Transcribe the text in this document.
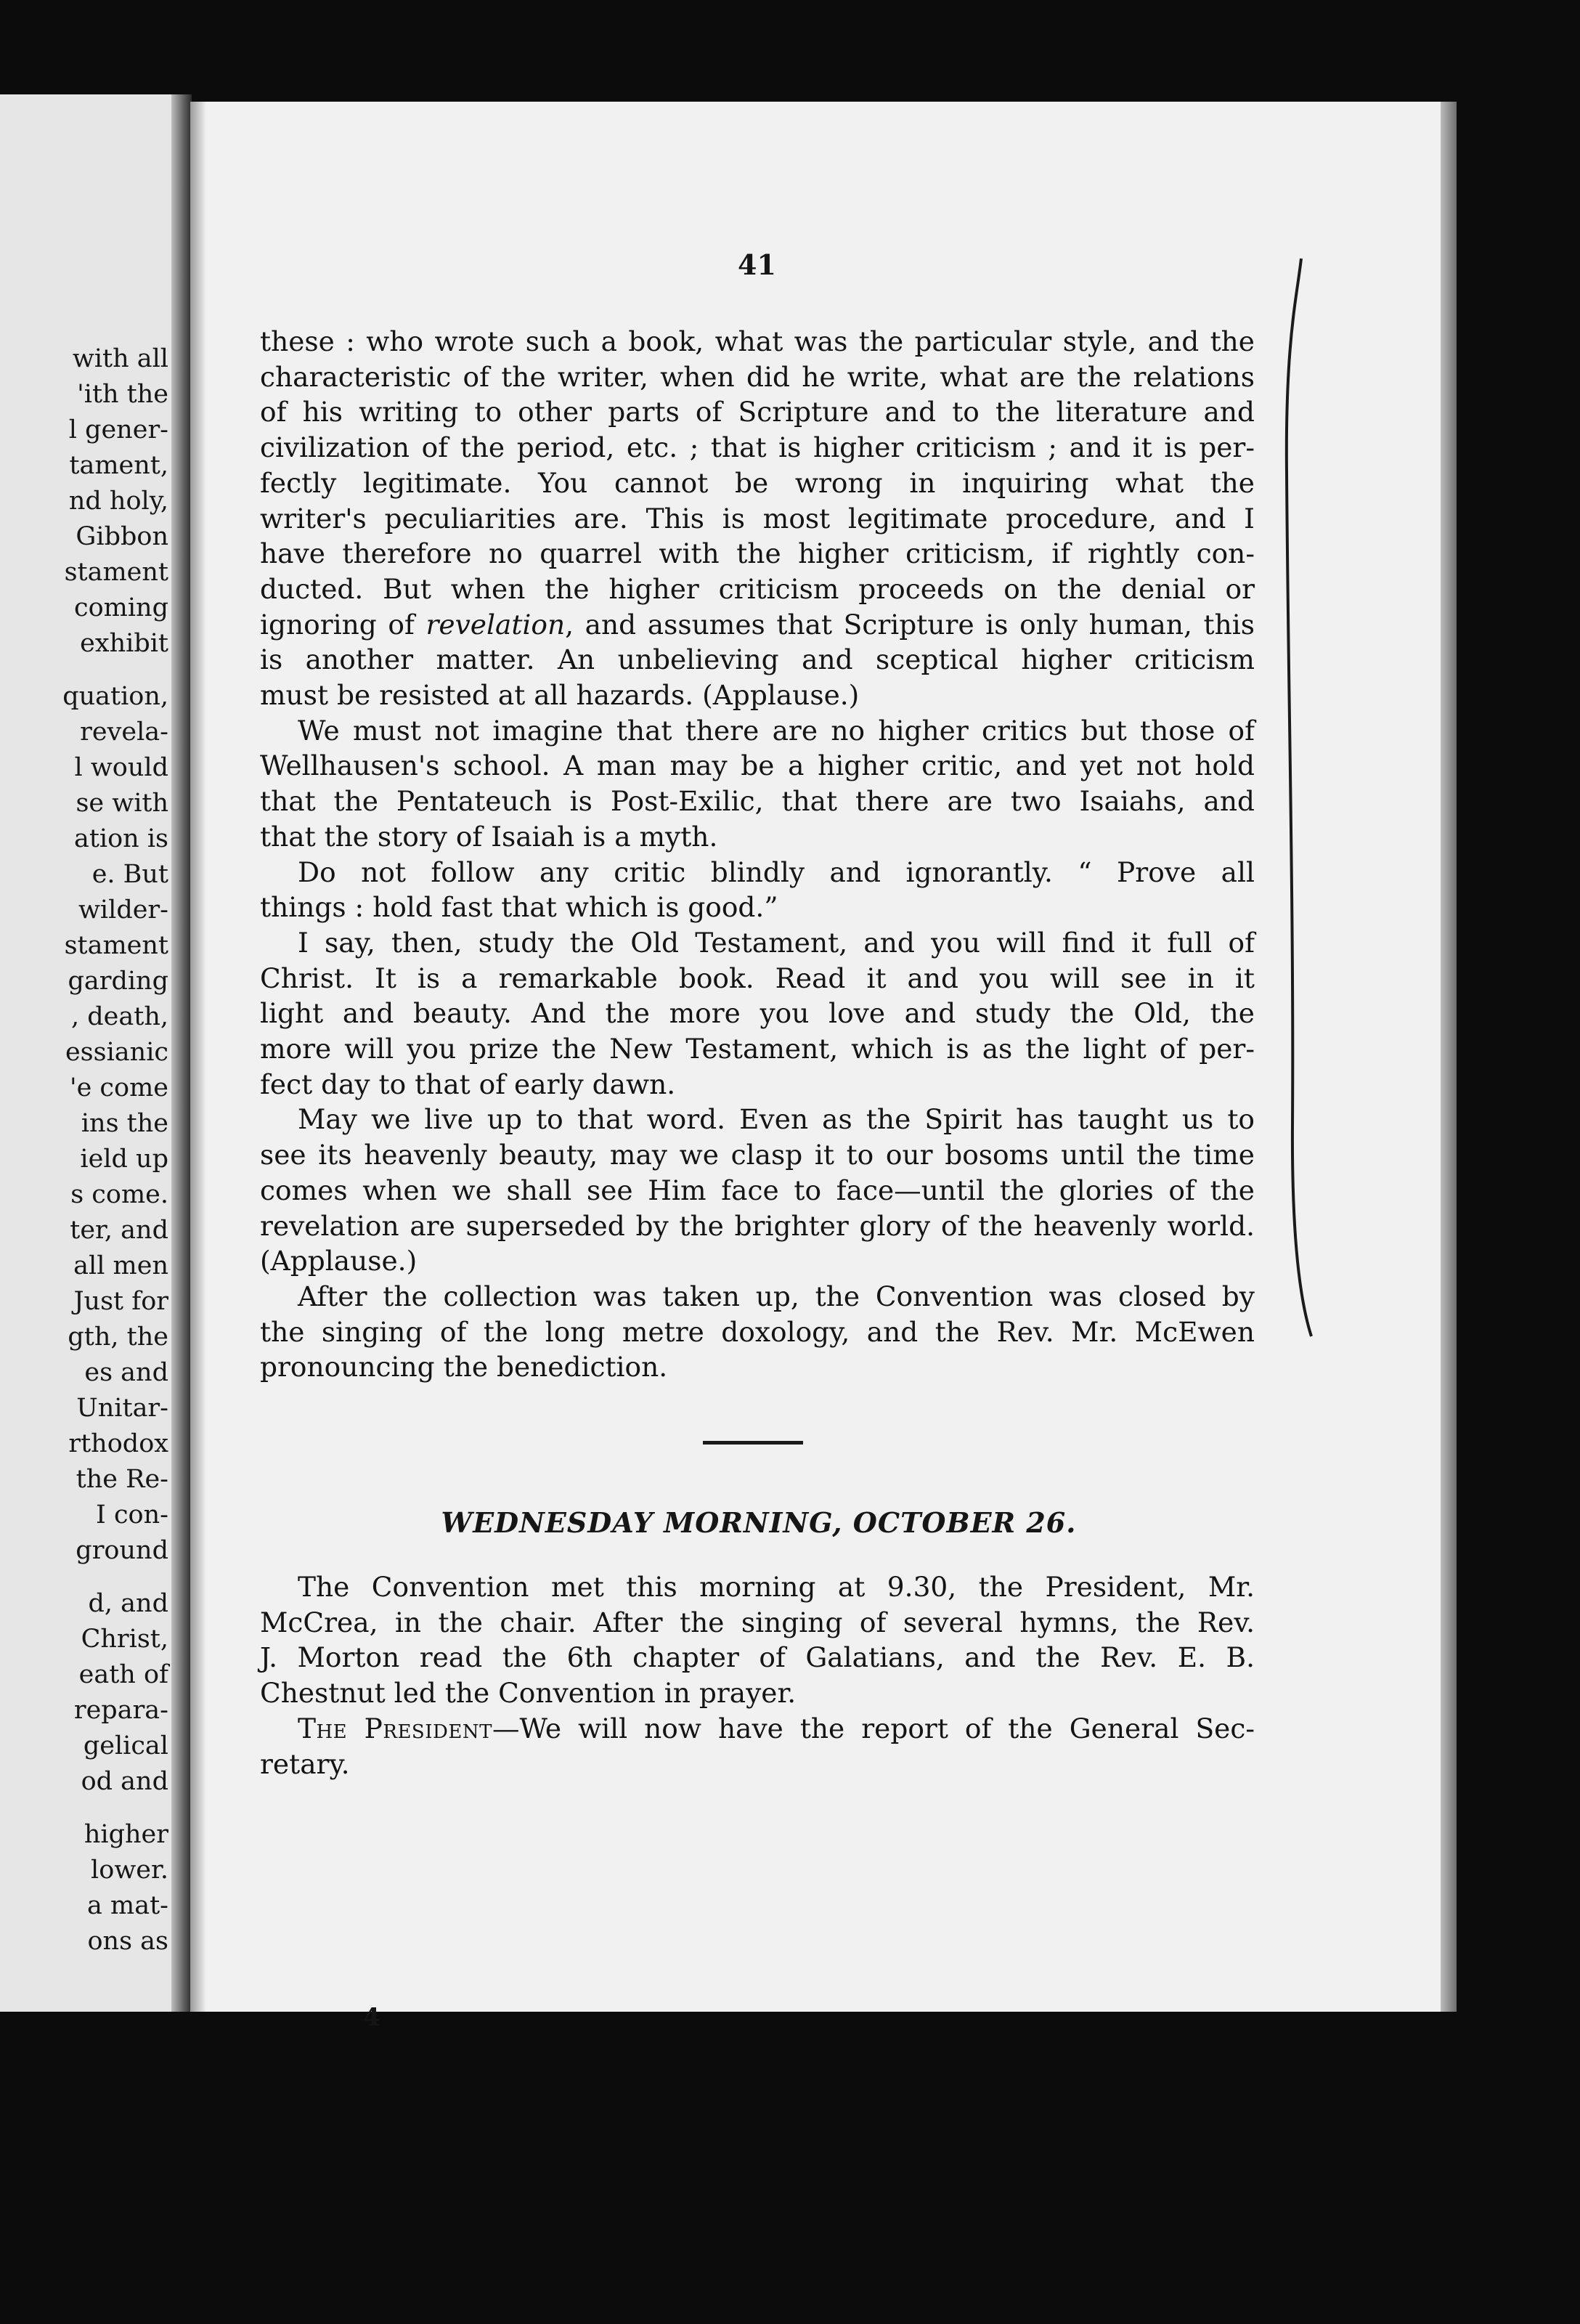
with all
'ith the
l gener-
tament,
nd holy,
Gibbon
stament
coming
exhibit
quation,
revela-
l would
se with
ation is
e. But
wilder-
stament
garding
, death,
essianic
'e come
ins the
ield up
s come.
ter, and
all men
Just for
gth, the
es and
Unitar-
rthodox
the Re-
I con-
ground
d, and
Christ,
eath of
repara-
gelical
od and
higher
lower.
a mat-
ons as
41

these : who wrote such a book, what was the particular style, and the
characteristic of the writer, when did he write, what are the relations
of his writing to other parts of Scripture and to the literature and
civilization of the period, etc. ; that is higher criticism ; and it is per-
fectly legitimate. You cannot be wrong in inquiring what the
writer's peculiarities are. This is most legitimate procedure, and I
have therefore no quarrel with the higher criticism, if rightly con-
ducted. But when the higher criticism proceeds on the denial or
ignoring of revelation, and assumes that Scripture is only human, this
is another matter. An unbelieving and sceptical higher criticism
must be resisted at all hazards. (Applause.)

We must not imagine that there are no higher critics but those of
Wellhausen's school. A man may be a higher critic, and yet not hold
that the Pentateuch is Post-Exilic, that there are two Isaiahs, and
that the story of Isaiah is a myth.

Do not follow any critic blindly and ignorantly. “ Prove all
things : hold fast that which is good.”

I say, then, study the Old Testament, and you will find it full of
Christ. It is a remarkable book. Read it and you will see in it
light and beauty. And the more you love and study the Old, the
more will you prize the New Testament, which is as the light of per-
fect day to that of early dawn.

May we live up to that word. Even as the Spirit has taught us to
see its heavenly beauty, may we clasp it to our bosoms until the time
comes when we shall see Him face to face—until the glories of the
revelation are superseded by the brighter glory of the heavenly world.
(Applause.)

After the collection was taken up, the Convention was closed by
the singing of the long metre doxology, and the Rev. Mr. McEwen
pronouncing the benediction.

WEDNESDAY MORNING, OCTOBER 26.
The Convention met this morning at 9.30, the President, Mr.
McCrea, in the chair. After the singing of several hymns, the Rev.
J. Morton read the 6th chapter of Galatians, and the Rev. E. B.
Chestnut led the Convention in prayer.
The President—We will now have the report of the General Sec-
retary.
4
